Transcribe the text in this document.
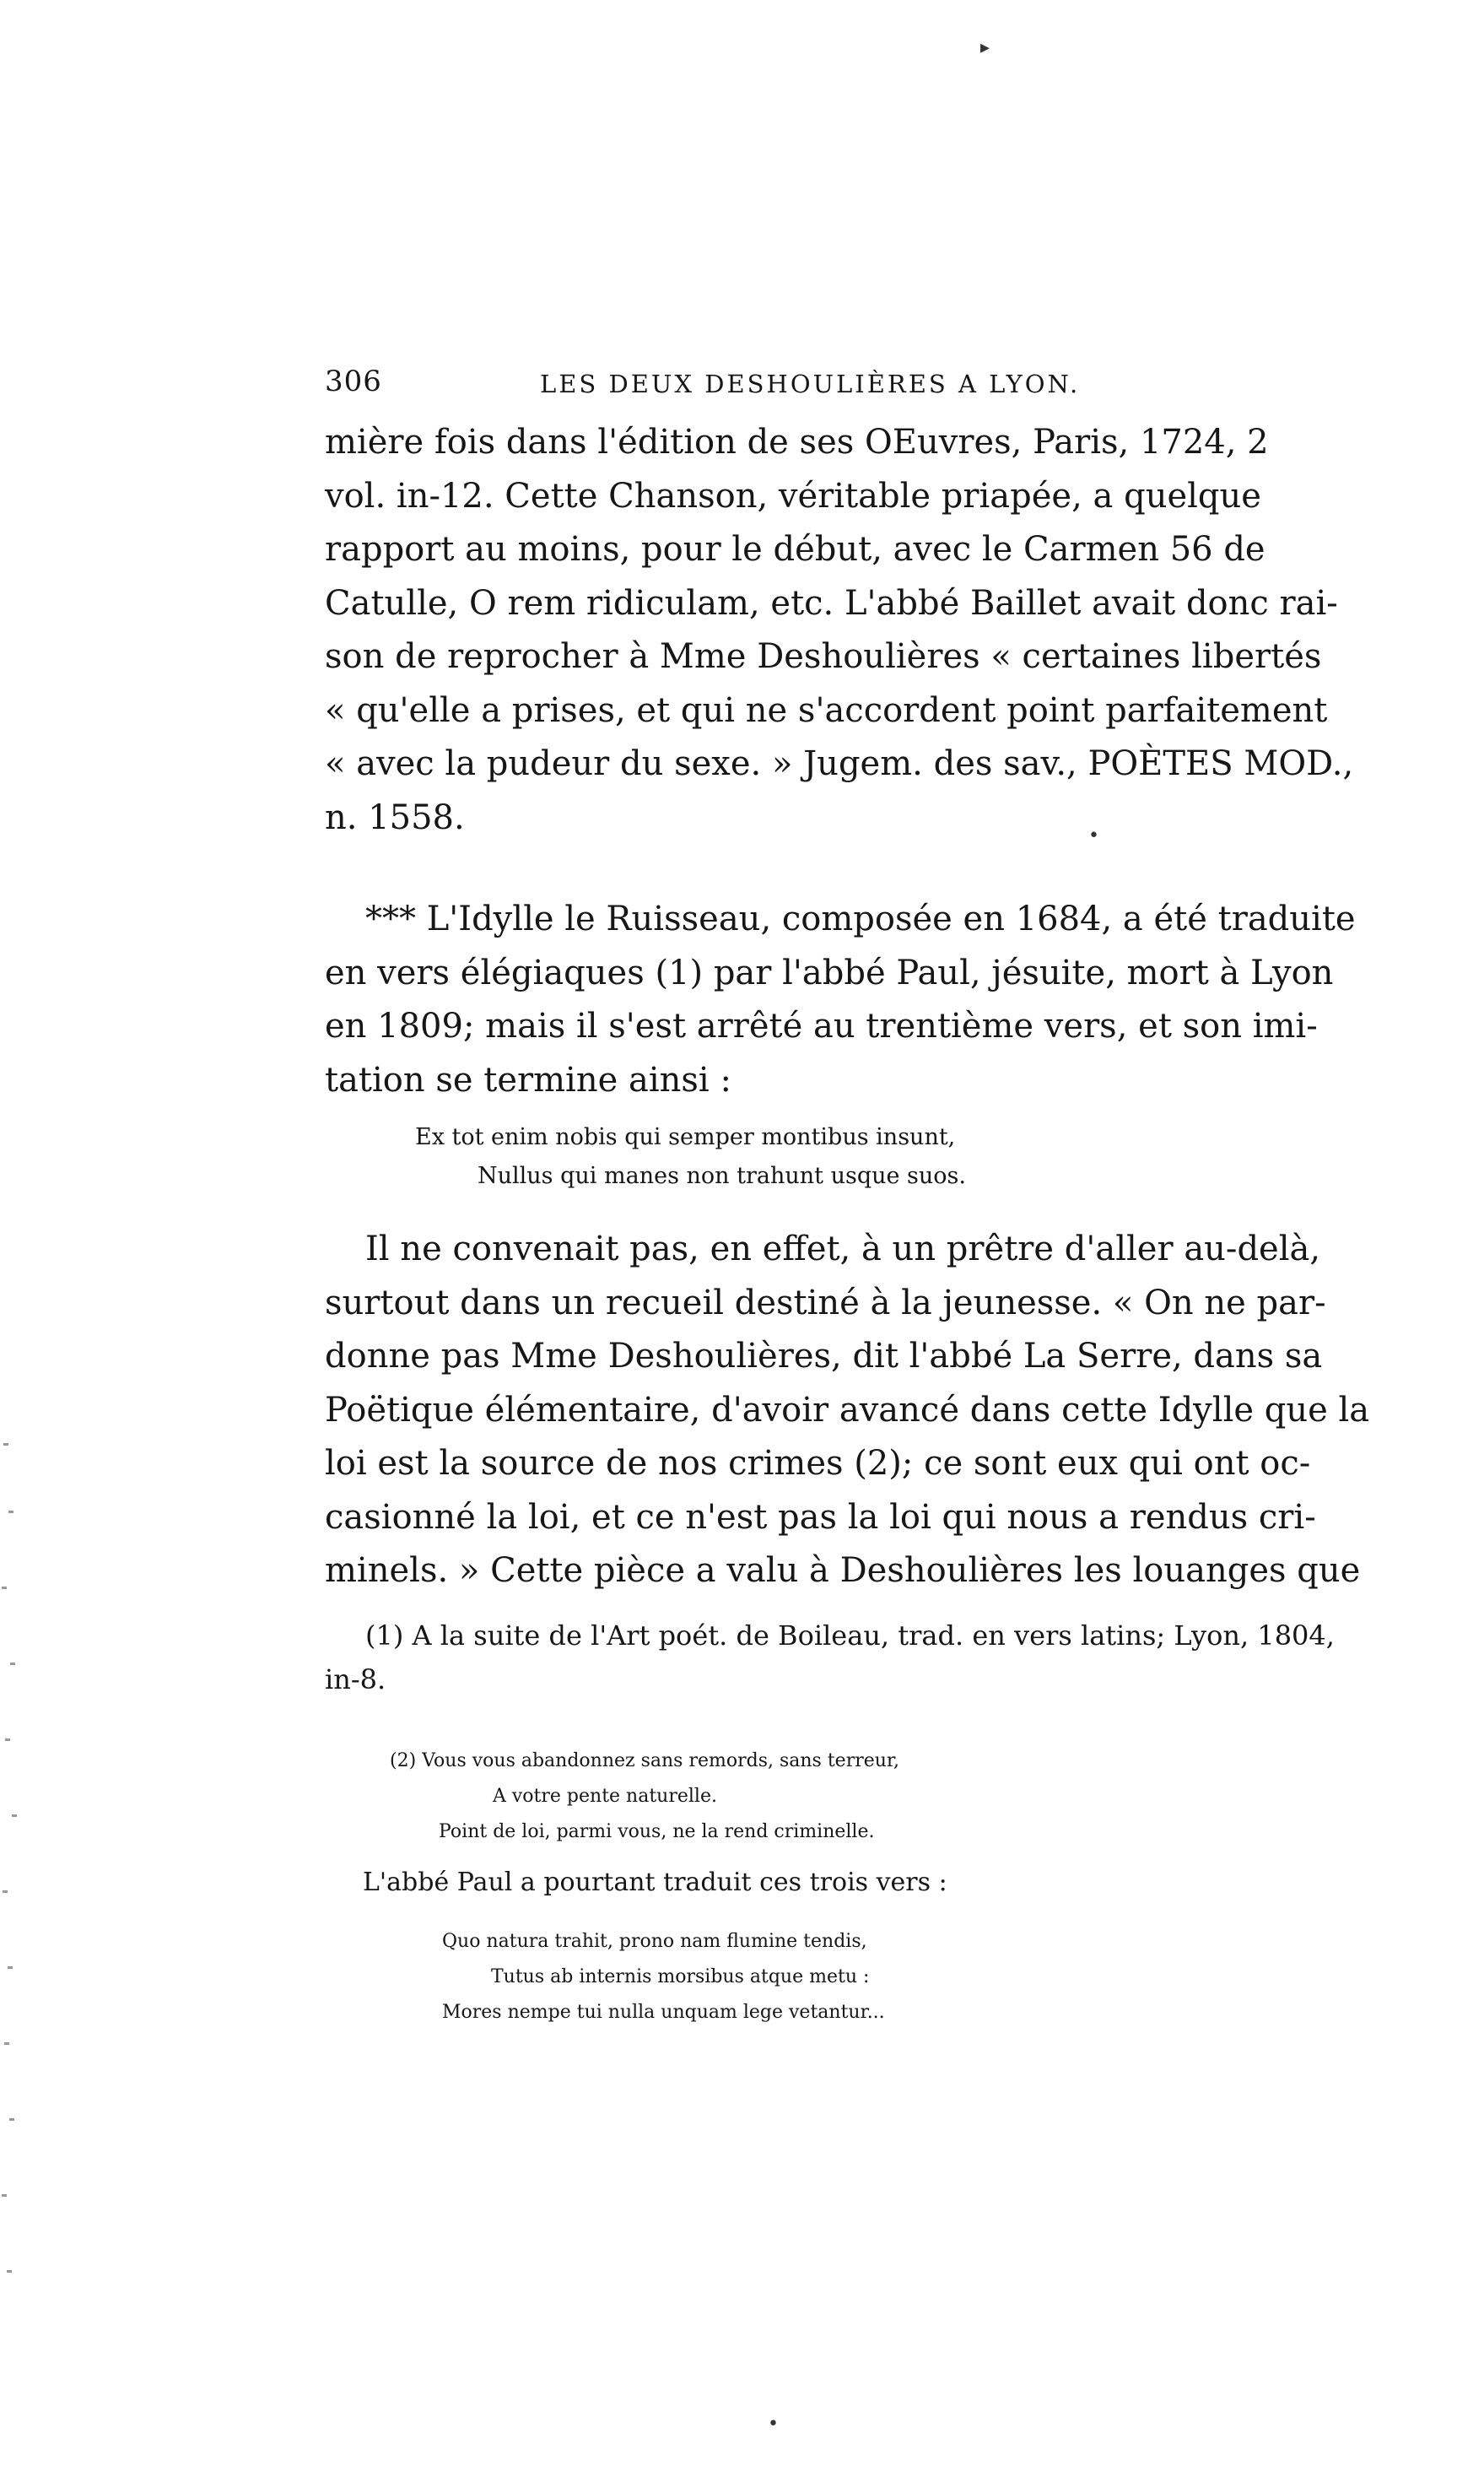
306	LES DEUX DESHOULIÈRES A LYON.
mière fois dans l'édition de ses OEuvres, Paris, 1724, 2
vol. in-12. Cette Chanson, véritable priapée, a quelque
rapport au moins, pour le début, avec le Carmen 56 de
Catulle, O rem ridiculam, etc. L'abbé Baillet avait donc rai-
son de reprocher à Mme Deshoulières « certaines libertés
« qu'elle a prises, et qui ne s'accordent point parfaitement
« avec la pudeur du sexe. » Jugem. des sav., POÈTES MOD.,
n. 1558.
*** L'Idylle le Ruisseau, composée en 1684, a été traduite
en vers élégiaques (1) par l'abbé Paul, jésuite, mort à Lyon
en 1809; mais il s'est arrêté au trentième vers, et son imi-
tation se termine ainsi :
Ex tot enim nobis qui semper montibus insunt,
Nullus qui manes non trahunt usque suos.
Il ne convenait pas, en effet, à un prêtre d'aller au-delà,
surtout dans un recueil destiné à la jeunesse. « On ne par-
donne pas Mme Deshoulières, dit l'abbé La Serre, dans sa
Poëtique élémentaire, d'avoir avancé dans cette Idylle que la
loi est la source de nos crimes (2); ce sont eux qui ont oc-
casionné la loi, et ce n'est pas la loi qui nous a rendus cri-
minels. » Cette pièce a valu à Deshoulières les louanges que
(1) A la suite de l'Art poét. de Boileau, trad. en vers latins; Lyon, 1804, in-8.
(2) Vous vous abandonnez sans remords, sans terreur,
A votre pente naturelle.
Point de loi, parmi vous, ne la rend criminelle.
L'abbé Paul a pourtant traduit ces trois vers :
Quo natura trahit, prono nam flumine tendis,
Tutus ab internis morsibus atque metu :
Mores nempe tui nulla unquam lege vetantur...
▸
•
•
